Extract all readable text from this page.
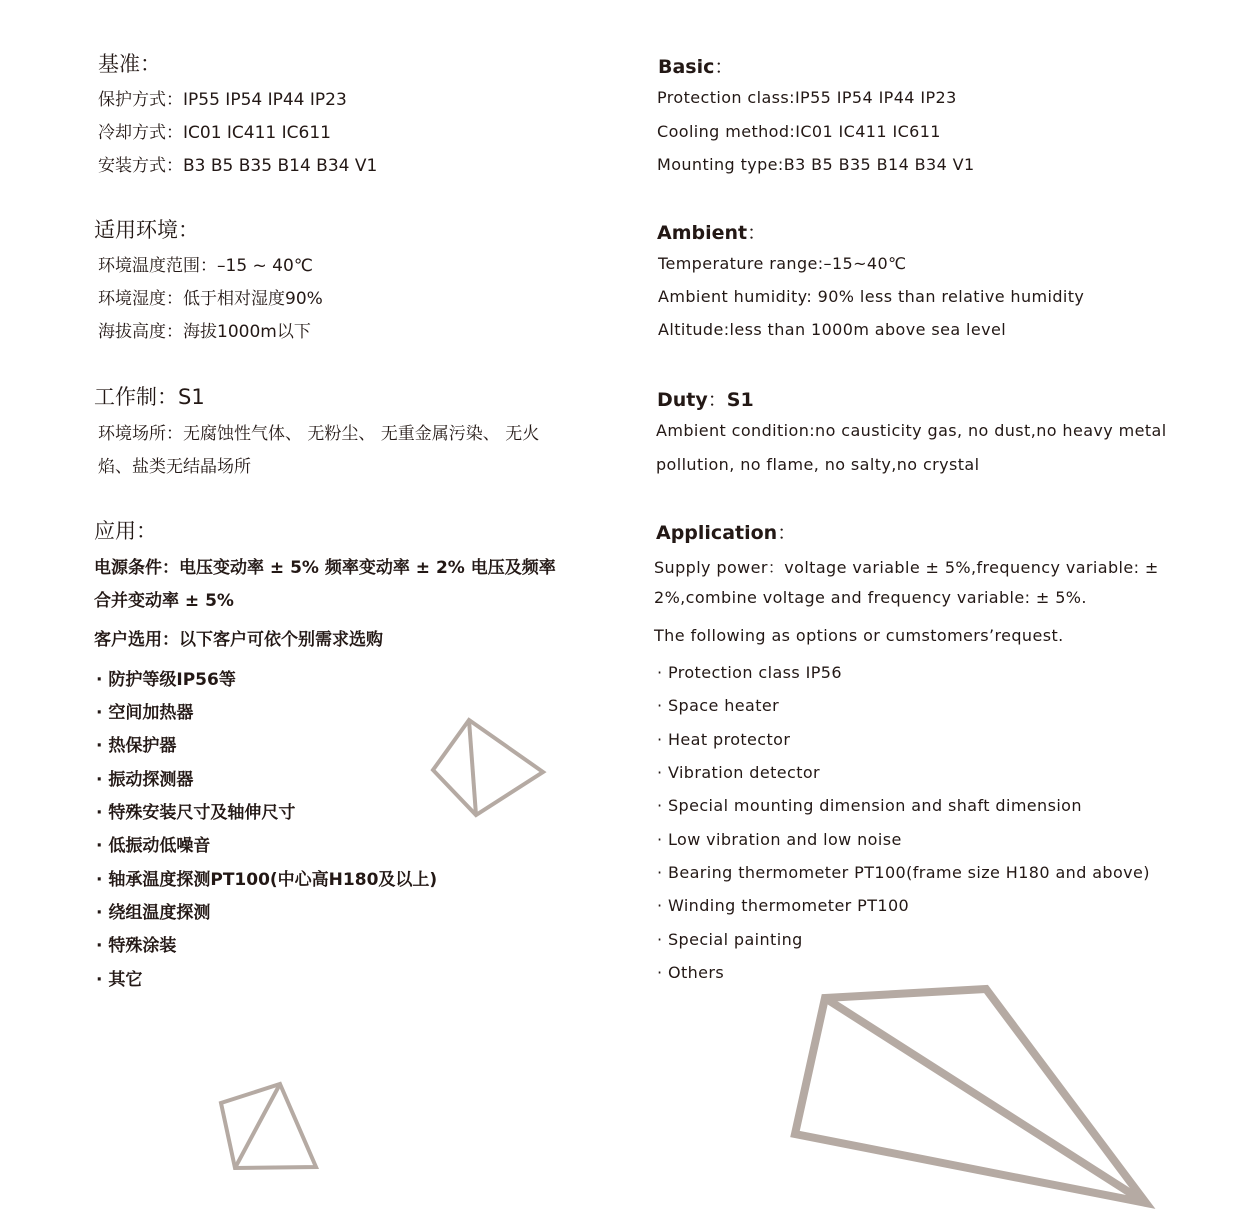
基准：
保护方式：IP55 IP54 IP44 IP23
冷却方式：IC01 IC411 IC611
安装方式：B3 B5 B35 B14 B34 V1
适用环境：
环境温度范围：–15 ~ 40℃
环境湿度：低于相对湿度90%
海拔高度：海拔1000m以下
工作制：S1
环境场所：无腐蚀性气体、 无粉尘、 无重金属污染、 无火
焰、盐类无结晶场所
应用：
电源条件：电压变动率 ± 5% 频率变动率 ± 2% 电压及频率
合并变动率 ± 5%
客户选用：以下客户可依个别需求选购
· 防护等级IP56等
· 空间加热器
· 热保护器
· 振动探测器
· 特殊安装尺寸及轴伸尺寸
· 低振动低噪音
· 轴承温度探测PT100(中心高H180及以上)
· 绕组温度探测
· 特殊涂装
· 其它
Basic：
Protection class:IP55 IP54 IP44 IP23
Cooling method:IC01 IC411 IC611
Mounting type:B3 B5 B35 B14 B34 V1
Ambient：
Temperature range:–15~40℃
Ambient humidity: 90% less than relative humidity
Altitude:less than 1000m above sea level
Duty：S1
Ambient condition:no causticity gas, no dust,no heavy metal
pollution, no flame, no salty,no crystal
Application：
Supply power：voltage variable ± 5%,frequency variable: ±
2%,combine voltage and frequency variable: ± 5%.
The following as options or cumstomers’request.
· Protection class IP56
· Space heater
· Heat protector
· Vibration detector
· Special mounting dimension and shaft dimension
· Low vibration and low noise
· Bearing thermometer PT100(frame size H180 and above)
· Winding thermometer PT100
· Special painting
· Others
